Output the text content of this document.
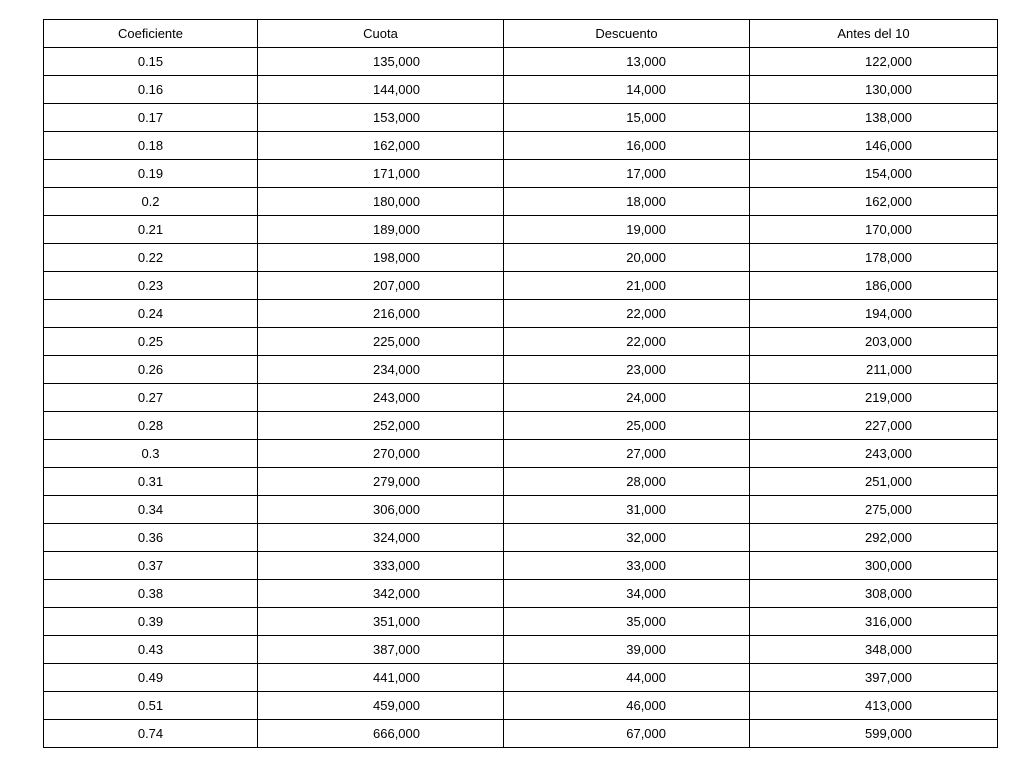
Coeficiente	Cuota	Descuento	Antes del 10
0.15	135,000	13,000	122,000
0.16	144,000	14,000	130,000
0.17	153,000	15,000	138,000
0.18	162,000	16,000	146,000
0.19	171,000	17,000	154,000
0.2	180,000	18,000	162,000
0.21	189,000	19,000	170,000
0.22	198,000	20,000	178,000
0.23	207,000	21,000	186,000
0.24	216,000	22,000	194,000
0.25	225,000	22,000	203,000
0.26	234,000	23,000	211,000
0.27	243,000	24,000	219,000
0.28	252,000	25,000	227,000
0.3	270,000	27,000	243,000
0.31	279,000	28,000	251,000
0.34	306,000	31,000	275,000
0.36	324,000	32,000	292,000
0.37	333,000	33,000	300,000
0.38	342,000	34,000	308,000
0.39	351,000	35,000	316,000
0.43	387,000	39,000	348,000
0.49	441,000	44,000	397,000
0.51	459,000	46,000	413,000
0.74	666,000	67,000	599,000
